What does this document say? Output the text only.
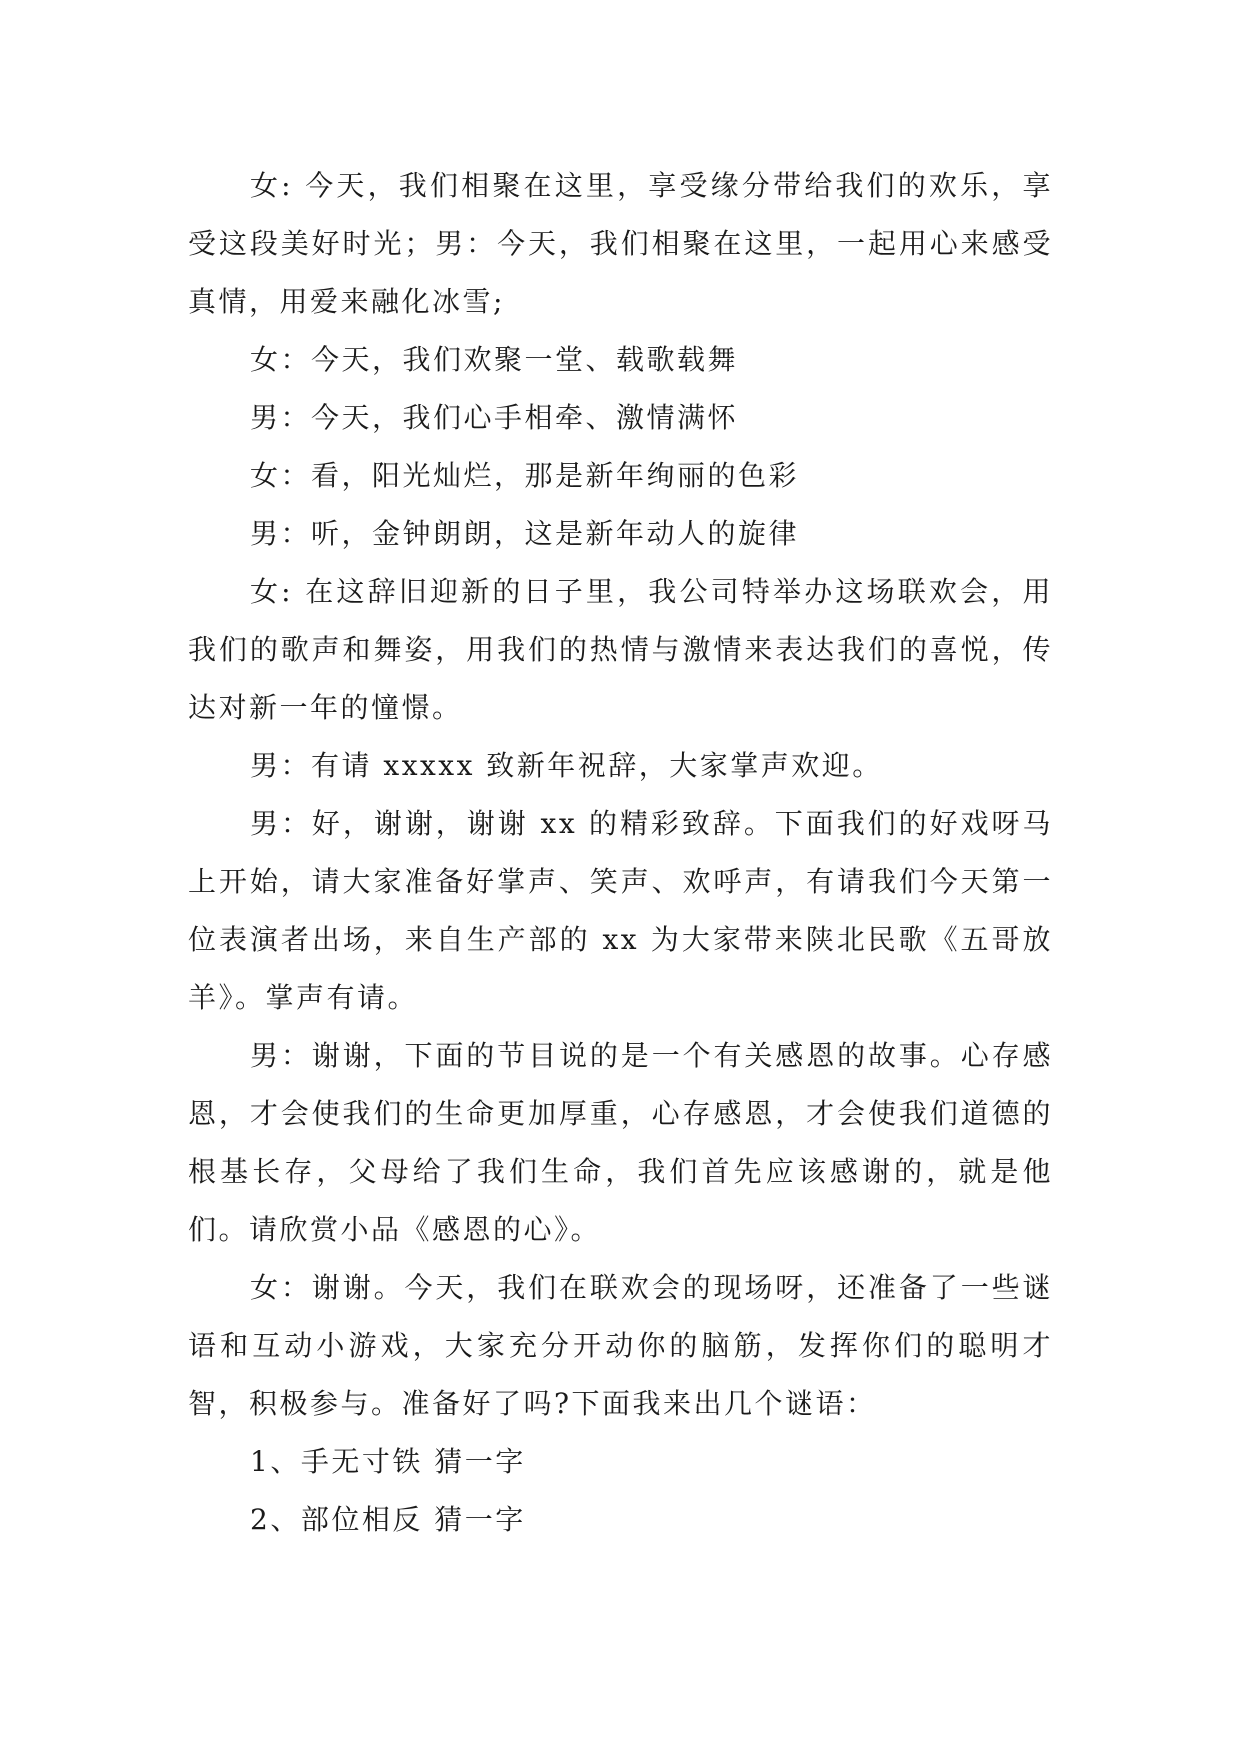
女: 今天，我们相聚在这里，享受缘分带给我们的欢乐，享受这段美好时光；男：今天，我们相聚在这里，一起用心来感受真情，用爱来融化冰雪;

女：今天，我们欢聚一堂、载歌载舞

男：今天，我们心手相牵、激情满怀

女：看，阳光灿烂，那是新年绚丽的色彩

男：听，金钟朗朗，这是新年动人的旋律

女: 在这辞旧迎新的日子里，我公司特举办这场联欢会，用我们的歌声和舞姿，用我们的热情与激情来表达我们的喜悦，传达对新一年的憧憬。

男：有请 xxxxx 致新年祝辞，大家掌声欢迎。

男：好，谢谢，谢谢 xx 的精彩致辞。下面我们的好戏呀马上开始，请大家准备好掌声、笑声、欢呼声，有请我们今天第一位表演者出场，来自生产部的 xx 为大家带来陕北民歌《五哥放羊》。掌声有请。

男：谢谢，下面的节目说的是一个有关感恩的故事。心存感恩，才会使我们的生命更加厚重，心存感恩，才会使我们道德的根基长存，父母给了我们生命，我们首先应该感谢的，就是他们。请欣赏小品《感恩的心》。

女：谢谢。今天，我们在联欢会的现场呀，还准备了一些谜语和互动小游戏，大家充分开动你的脑筋，发挥你们的聪明才智，积极参与。准备好了吗?下面我来出几个谜语：

1、手无寸铁 猜一字

2、部位相反 猜一字
